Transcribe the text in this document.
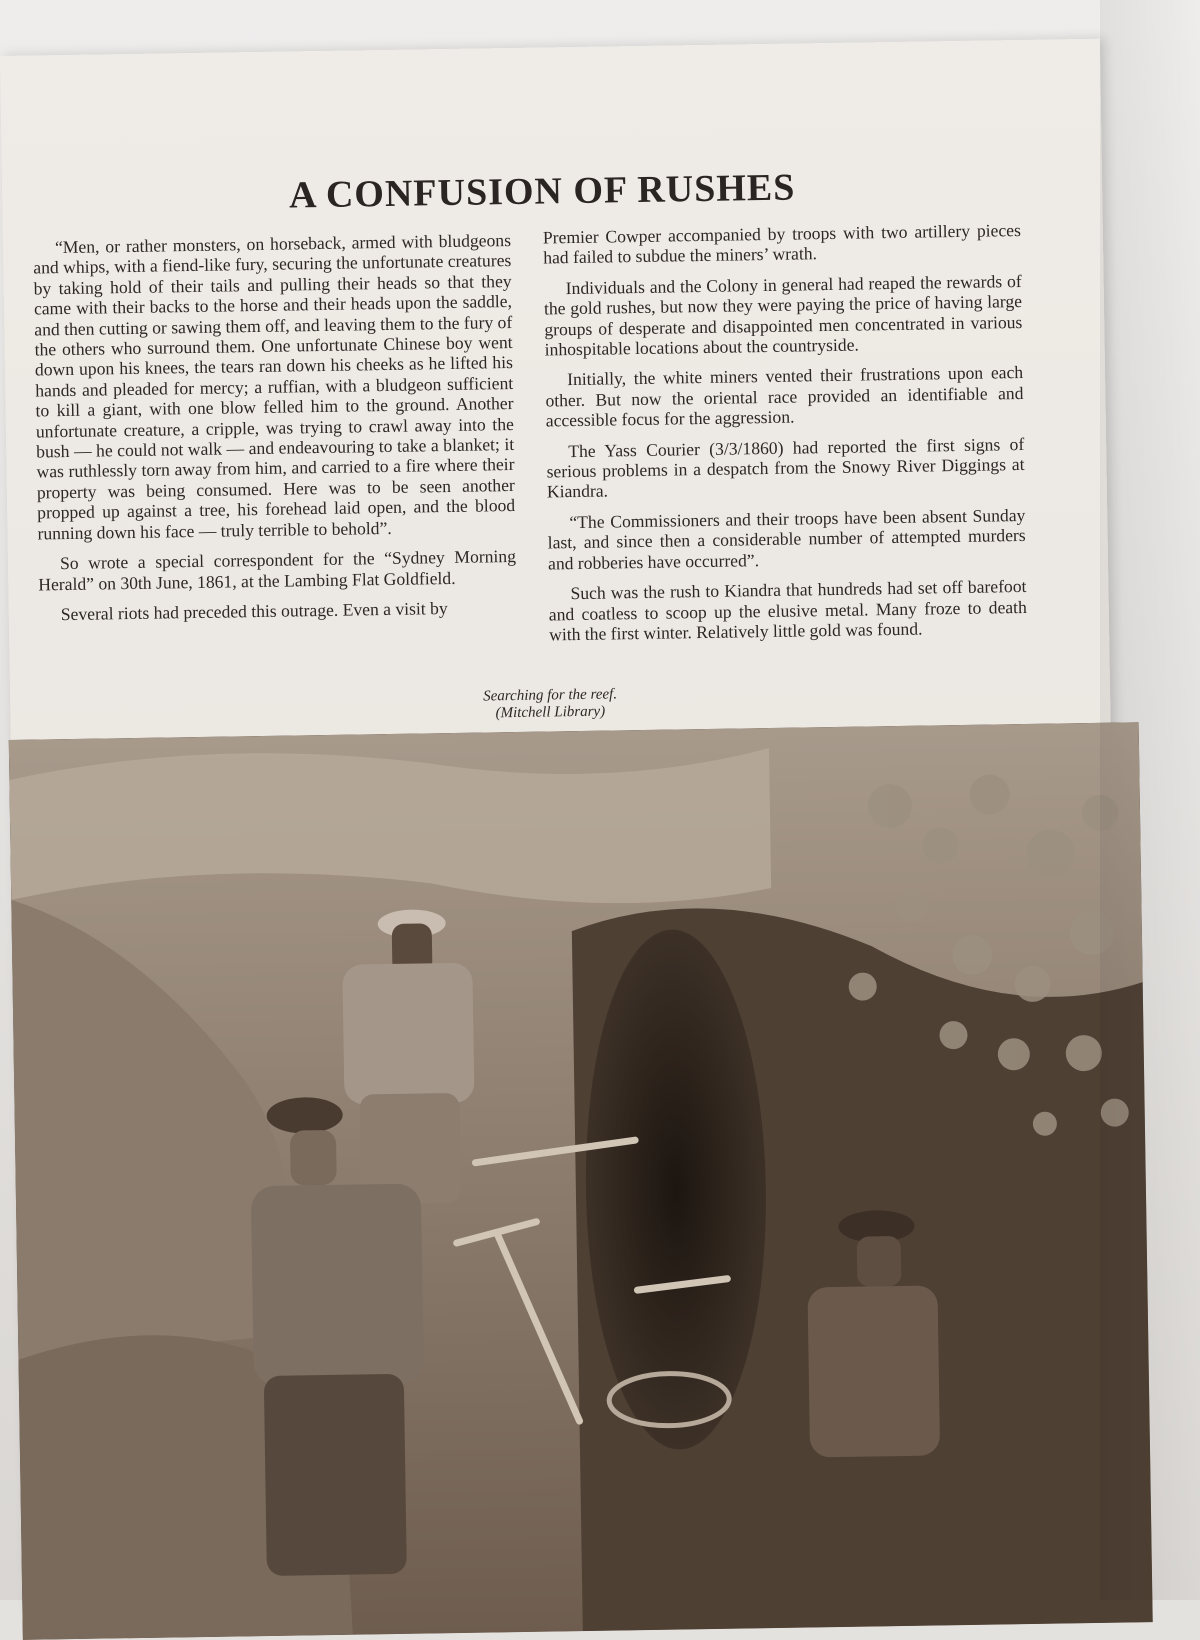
A CONFUSION OF RUSHES

“Men, or rather monsters, on horseback, armed with bludgeons and whips, with a fiend-like fury, securing the unfortunate creatures by taking hold of their tails and pulling their heads so that they came with their backs to the horse and their heads upon the saddle, and then cutting or sawing them off, and leaving them to the fury of the others who surround them. One unfortunate Chinese boy went down upon his knees, the tears ran down his cheeks as he lifted his hands and pleaded for mercy; a ruffian, with a bludgeon sufficient to kill a giant, with one blow felled him to the ground. Another unfortunate creature, a cripple, was trying to crawl away into the bush — he could not walk — and endeavouring to take a blanket; it was ruthlessly torn away from him, and carried to a fire where their property was being consumed. Here was to be seen another propped up against a tree, his forehead laid open, and the blood running down his face — truly terrible to behold”.

So wrote a special correspondent for the “Sydney Morning Herald” on 30th June, 1861, at the Lambing Flat Goldfield.

Several riots had preceded this outrage. Even a visit by

Premier Cowper accompanied by troops with two artillery pieces had failed to subdue the miners’ wrath.

Individuals and the Colony in general had reaped the rewards of the gold rushes, but now they were paying the price of having large groups of desperate and disappointed men concentrated in various inhospitable locations about the countryside.

Initially, the white miners vented their frustrations upon each other. But now the oriental race provided an identifiable and accessible focus for the aggression.

The Yass Courier (3/3/1860) had reported the first signs of serious problems in a despatch from the Snowy River Diggings at Kiandra.

“The Commissioners and their troops have been absent Sunday last, and since then a considerable number of attempted murders and robberies have occurred”.

Such was the rush to Kiandra that hundreds had set off barefoot and coatless to scoop up the elusive metal. Many froze to death with the first winter. Relatively little gold was found.

Searching for the reef.
(Mitchell Library)
